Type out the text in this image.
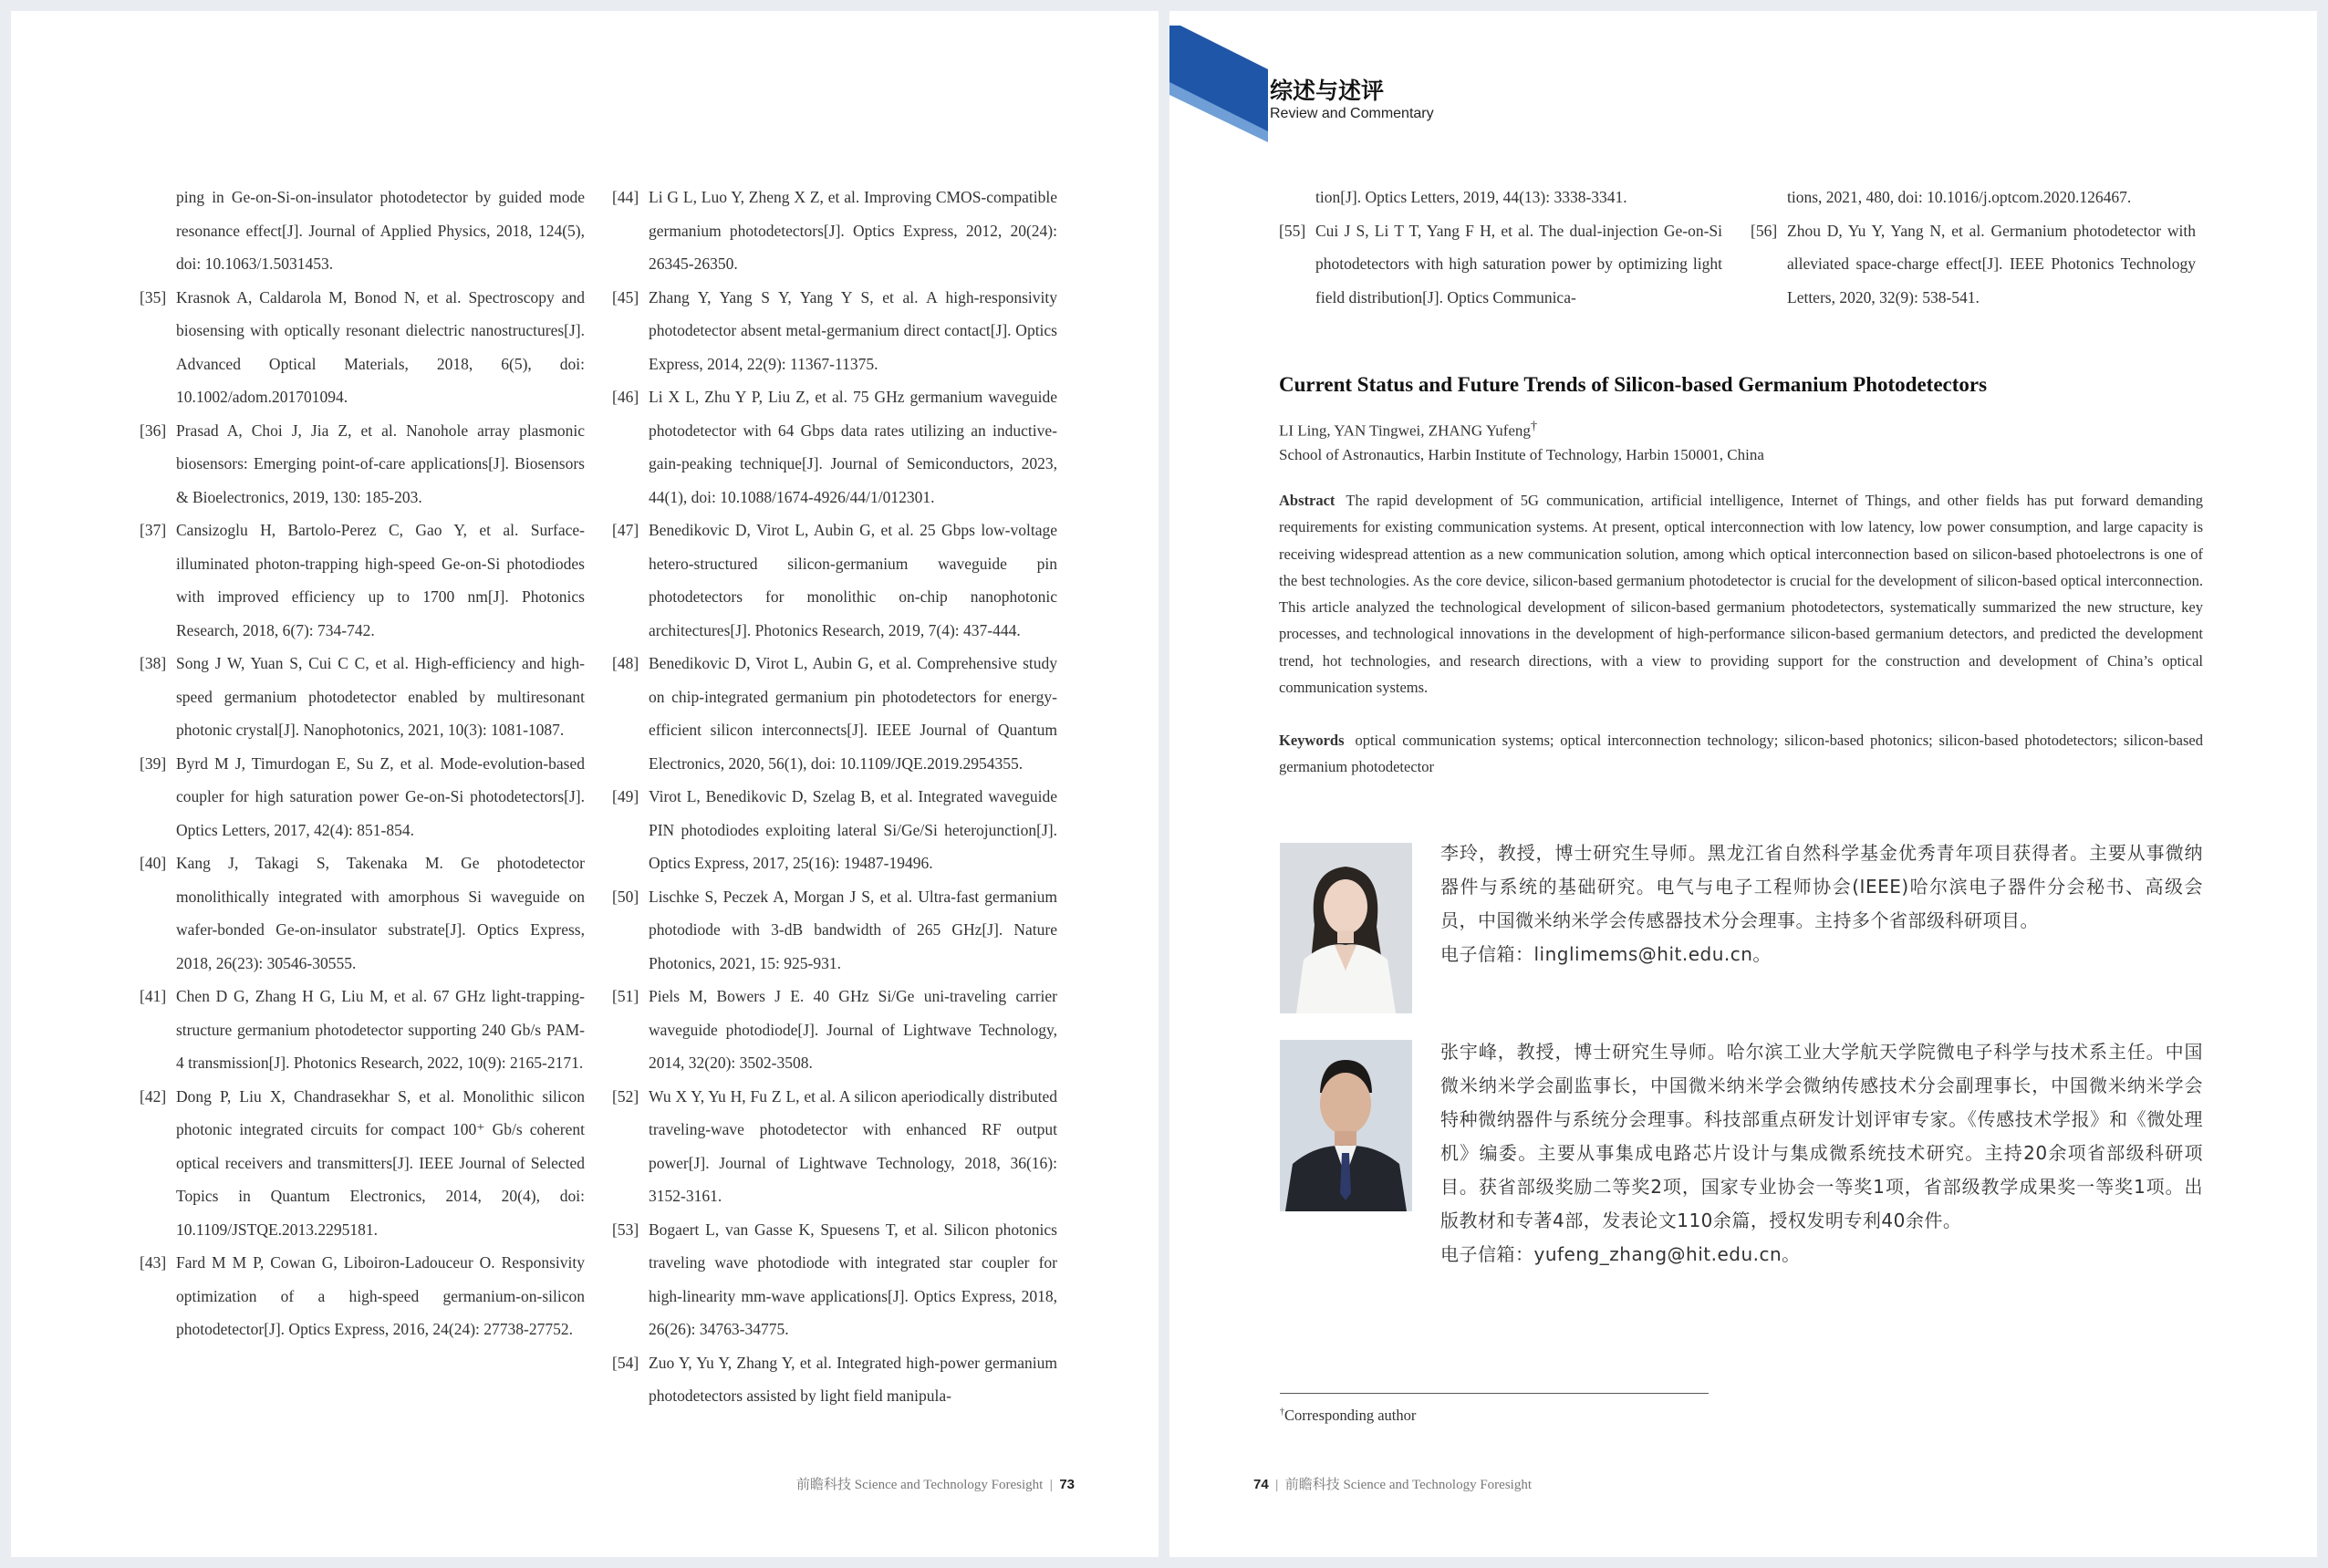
ping in Ge-on-Si-on-insulator photodetector by guided mode resonance effect[J]. Journal of Applied Physics, 2018, 124(5), doi: 10.1063/1.5031453.
[35] Krasnok A, Caldarola M, Bonod N, et al. Spectroscopy and biosensing with optically resonant dielectric nanostructures[J]. Advanced Optical Materials, 2018, 6(5), doi: 10.1002/adom.201701094.
[36] Prasad A, Choi J, Jia Z, et al. Nanohole array plasmonic biosensors: Emerging point-of-care applications[J]. Biosensors & Bioelectronics, 2019, 130: 185-203.
[37] Cansizoglu H, Bartolo-Perez C, Gao Y, et al. Surface-illuminated photon-trapping high-speed Ge-on-Si photodiodes with improved efficiency up to 1700 nm[J]. Photonics Research, 2018, 6(7): 734-742.
[38] Song J W, Yuan S, Cui C C, et al. High-efficiency and high-speed germanium photodetector enabled by multiresonant photonic crystal[J]. Nanophotonics, 2021, 10(3): 1081-1087.
[39] Byrd M J, Timurdogan E, Su Z, et al. Mode-evolution-based coupler for high saturation power Ge-on-Si photodetectors[J]. Optics Letters, 2017, 42(4): 851-854.
[40] Kang J, Takagi S, Takenaka M. Ge photodetector monolithically integrated with amorphous Si waveguide on wafer-bonded Ge-on-insulator substrate[J]. Optics Express, 2018, 26(23): 30546-30555.
[41] Chen D G, Zhang H G, Liu M, et al. 67 GHz light-trapping-structure germanium photodetector supporting 240 Gb/s PAM-4 transmission[J]. Photonics Research, 2022, 10(9): 2165-2171.
[42] Dong P, Liu X, Chandrasekhar S, et al. Monolithic silicon photonic integrated circuits for compact 100⁺ Gb/s coherent optical receivers and transmitters[J]. IEEE Journal of Selected Topics in Quantum Electronics, 2014, 20(4), doi: 10.1109/JSTQE.2013.2295181.
[43] Fard M M P, Cowan G, Liboiron-Ladouceur O. Responsivity optimization of a high-speed germanium-on-silicon photodetector[J]. Optics Express, 2016, 24(24): 27738-27752.
[44] Li G L, Luo Y, Zheng X Z, et al. Improving CMOS-compatible germanium photodetectors[J]. Optics Express, 2012, 20(24): 26345-26350.
[45] Zhang Y, Yang S Y, Yang Y S, et al. A high-responsivity photodetector absent metal-germanium direct contact[J]. Optics Express, 2014, 22(9): 11367-11375.
[46] Li X L, Zhu Y P, Liu Z, et al. 75 GHz germanium waveguide photodetector with 64 Gbps data rates utilizing an inductive-gain-peaking technique[J]. Journal of Semiconductors, 2023, 44(1), doi: 10.1088/1674-4926/44/1/012301.
[47] Benedikovic D, Virot L, Aubin G, et al. 25 Gbps low-voltage hetero-structured silicon-germanium waveguide pin photodetectors for monolithic on-chip nanophotonic architectures[J]. Photonics Research, 2019, 7(4): 437-444.
[48] Benedikovic D, Virot L, Aubin G, et al. Comprehensive study on chip-integrated germanium pin photodetectors for energy-efficient silicon interconnects[J]. IEEE Journal of Quantum Electronics, 2020, 56(1), doi: 10.1109/JQE.2019.2954355.
[49] Virot L, Benedikovic D, Szelag B, et al. Integrated waveguide PIN photodiodes exploiting lateral Si/Ge/Si heterojunction[J]. Optics Express, 2017, 25(16): 19487-19496.
[50] Lischke S, Peczek A, Morgan J S, et al. Ultra-fast germanium photodiode with 3-dB bandwidth of 265 GHz[J]. Nature Photonics, 2021, 15: 925-931.
[51] Piels M, Bowers J E. 40 GHz Si/Ge uni-traveling carrier waveguide photodiode[J]. Journal of Lightwave Technology, 2014, 32(20): 3502-3508.
[52] Wu X Y, Yu H, Fu Z L, et al. A silicon aperiodically distributed traveling-wave photodetector with enhanced RF output power[J]. Journal of Lightwave Technology, 2018, 36(16): 3152-3161.
[53] Bogaert L, van Gasse K, Spuesens T, et al. Silicon photonics traveling wave photodiode with integrated star coupler for high-linearity mm-wave applications[J]. Optics Express, 2018, 26(26): 34763-34775.
[54] Zuo Y, Yu Y, Zhang Y, et al. Integrated high-power germanium photodetectors assisted by light field manipula-
前瞻科技 Science and Technology Foresight | 73
综述与述评
Review and Commentary
tion[J]. Optics Letters, 2019, 44(13): 3338-3341.
[55] Cui J S, Li T T, Yang F H, et al. The dual-injection Ge-on-Si photodetectors with high saturation power by optimizing light field distribution[J]. Optics Communica-
tions, 2021, 480, doi: 10.1016/j.optcom.2020.126467.
[56] Zhou D, Yu Y, Yang N, et al. Germanium photodetector with alleviated space-charge effect[J]. IEEE Photonics Technology Letters, 2020, 32(9): 538-541.
Current Status and Future Trends of Silicon-based Germanium Photodetectors
LI Ling, YAN Tingwei, ZHANG Yufeng†
School of Astronautics, Harbin Institute of Technology, Harbin 150001, China
Abstract The rapid development of 5G communication, artificial intelligence, Internet of Things, and other fields has put forward demanding requirements for existing communication systems. At present, optical interconnection with low latency, low power consumption, and large capacity is receiving widespread attention as a new communication solution, among which optical interconnection based on silicon-based photoelectrons is one of the best technologies. As the core device, silicon-based germanium photodetector is crucial for the development of silicon-based optical interconnection. This article analyzed the technological development of silicon-based germanium photodetectors, systematically summarized the new structure, key processes, and technological innovations in the development of high-performance silicon-based germanium detectors, and predicted the development trend, hot technologies, and research directions, with a view to providing support for the construction and development of China’s optical communication systems.
Keywords optical communication systems; optical interconnection technology; silicon-based photonics; silicon-based photodetectors; silicon-based germanium photodetector
李玲，教授，博士研究生导师。黑龙江省自然科学基金优秀青年项目获得者。主要从事微纳器件与系统的基础研究。电气与电子工程师协会(IEEE)哈尔滨电子器件分会秘书、高级会员，中国微米纳米学会传感器技术分会理事。主持多个省部级科研项目。
电子信箱：linglimems@hit.edu.cn。
张宇峰，教授，博士研究生导师。哈尔滨工业大学航天学院微电子科学与技术系主任。中国微米纳米学会副监事长，中国微米纳米学会微纳传感技术分会副理事长，中国微米纳米学会特种微纳器件与系统分会理事。科技部重点研发计划评审专家。《传感技术学报》和《微处理机》编委。主要从事集成电路芯片设计与集成微系统技术研究。主持20余项省部级科研项目。获省部级奖励二等奖2项，国家专业协会一等奖1项，省部级教学成果奖一等奖1项。出版教材和专著4部，发表论文110余篇，授权发明专利40余件。
电子信箱：yufeng_zhang@hit.edu.cn。
†Corresponding author
74 | 前瞻科技 Science and Technology Foresight
